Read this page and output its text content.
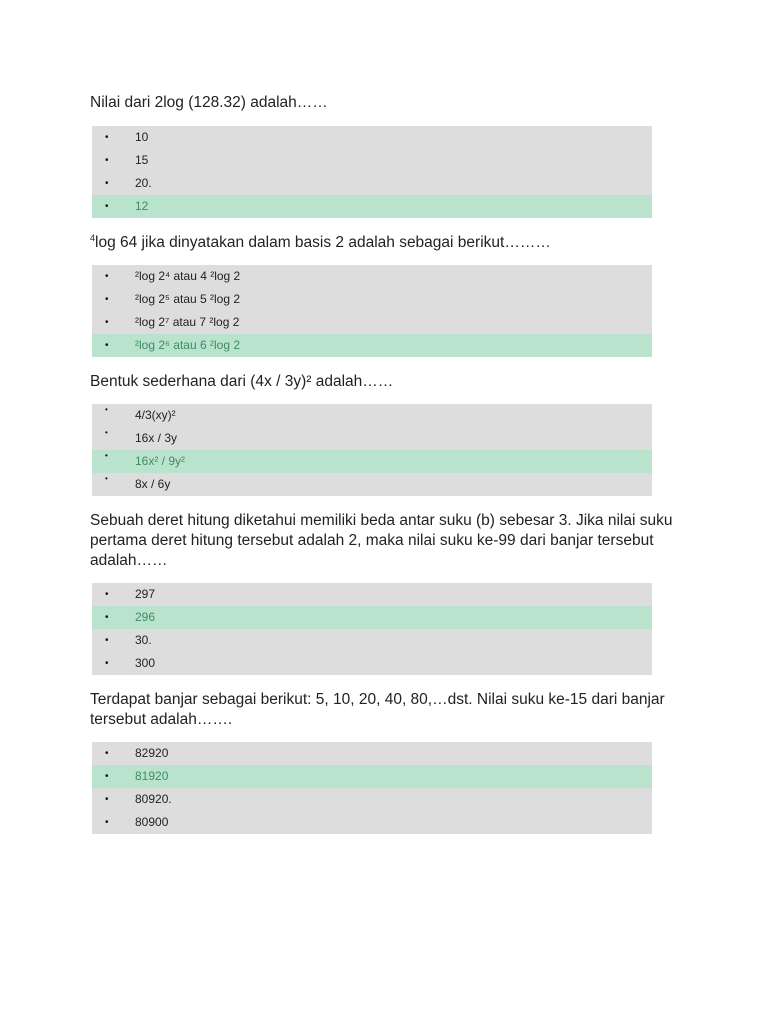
Nilai dari 2log (128.32) adalah……
• 10
• 15
• 20.
• 12
$^4$log 64 jika dinyatakan dalam basis 2 adalah sebagai berikut………
• ²log 2⁴ atau 4 ²log 2
• ²log 2⁵ atau 5 ²log 2
• ²log 2⁷ atau 7 ²log 2
• ²log 2⁶ atau 6 ²log 2
Bentuk sederhana dari (4x / 3y)² adalah……
• 4/3(xy)²
• 16x / 3y
• 16x² / 9y²
• 8x / 6y
Sebuah deret hitung diketahui memiliki beda antar suku (b) sebesar 3. Jika nilai suku pertama deret hitung tersebut adalah 2, maka nilai suku ke-99 dari banjar tersebut adalah……
• 297
• 296
• 30.
• 300
Terdapat banjar sebagai berikut: 5, 10, 20, 40, 80,…dst. Nilai suku ke-15 dari banjar tersebut adalah…….
• 82920
• 81920
• 80920.
• 80900
